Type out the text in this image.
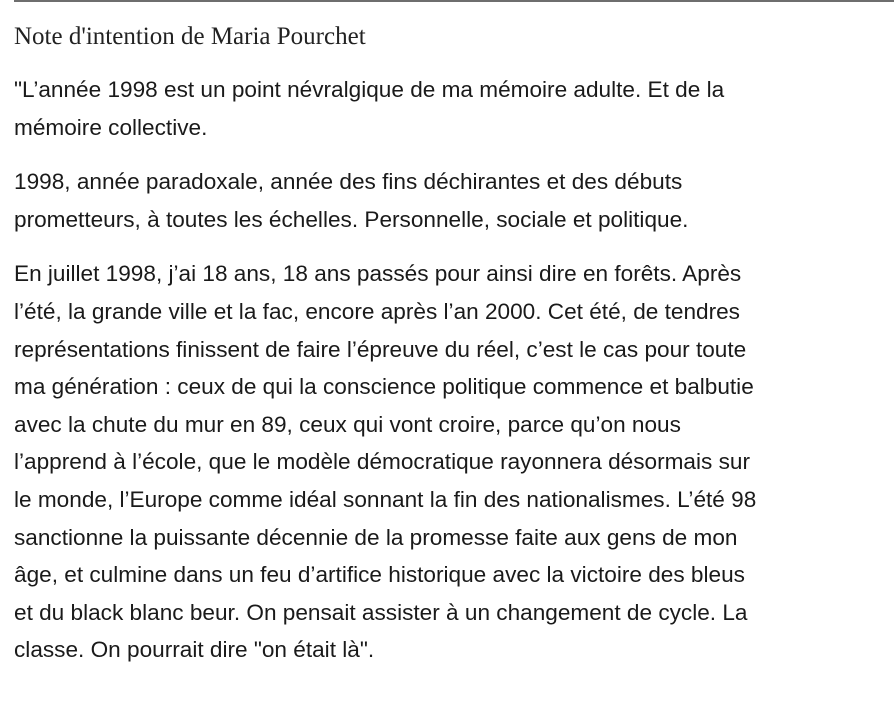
Note d'intention de Maria Pourchet

"L’année 1998 est un point névralgique de ma mémoire adulte. Et de la
mémoire collective.

1998, année paradoxale, année des fins déchirantes et des débuts
prometteurs, à toutes les échelles. Personnelle, sociale et politique.

En juillet 1998, j’ai 18 ans, 18 ans passés pour ainsi dire en forêts. Après
l’été, la grande ville et la fac, encore après l’an 2000. Cet été, de tendres
représentations finissent de faire l’épreuve du réel, c’est le cas pour toute
ma génération : ceux de qui la conscience politique commence et balbutie
avec la chute du mur en 89, ceux qui vont croire, parce qu’on nous
l’apprend à l’école, que le modèle démocratique rayonnera désormais sur
le monde, l’Europe comme idéal sonnant la fin des nationalismes. L’été 98
sanctionne la puissante décennie de la promesse faite aux gens de mon
âge, et culmine dans un feu d’artifice historique avec la victoire des bleus
et du black blanc beur. On pensait assister à un changement de cycle. La
classe. On pourrait dire "on était là".
